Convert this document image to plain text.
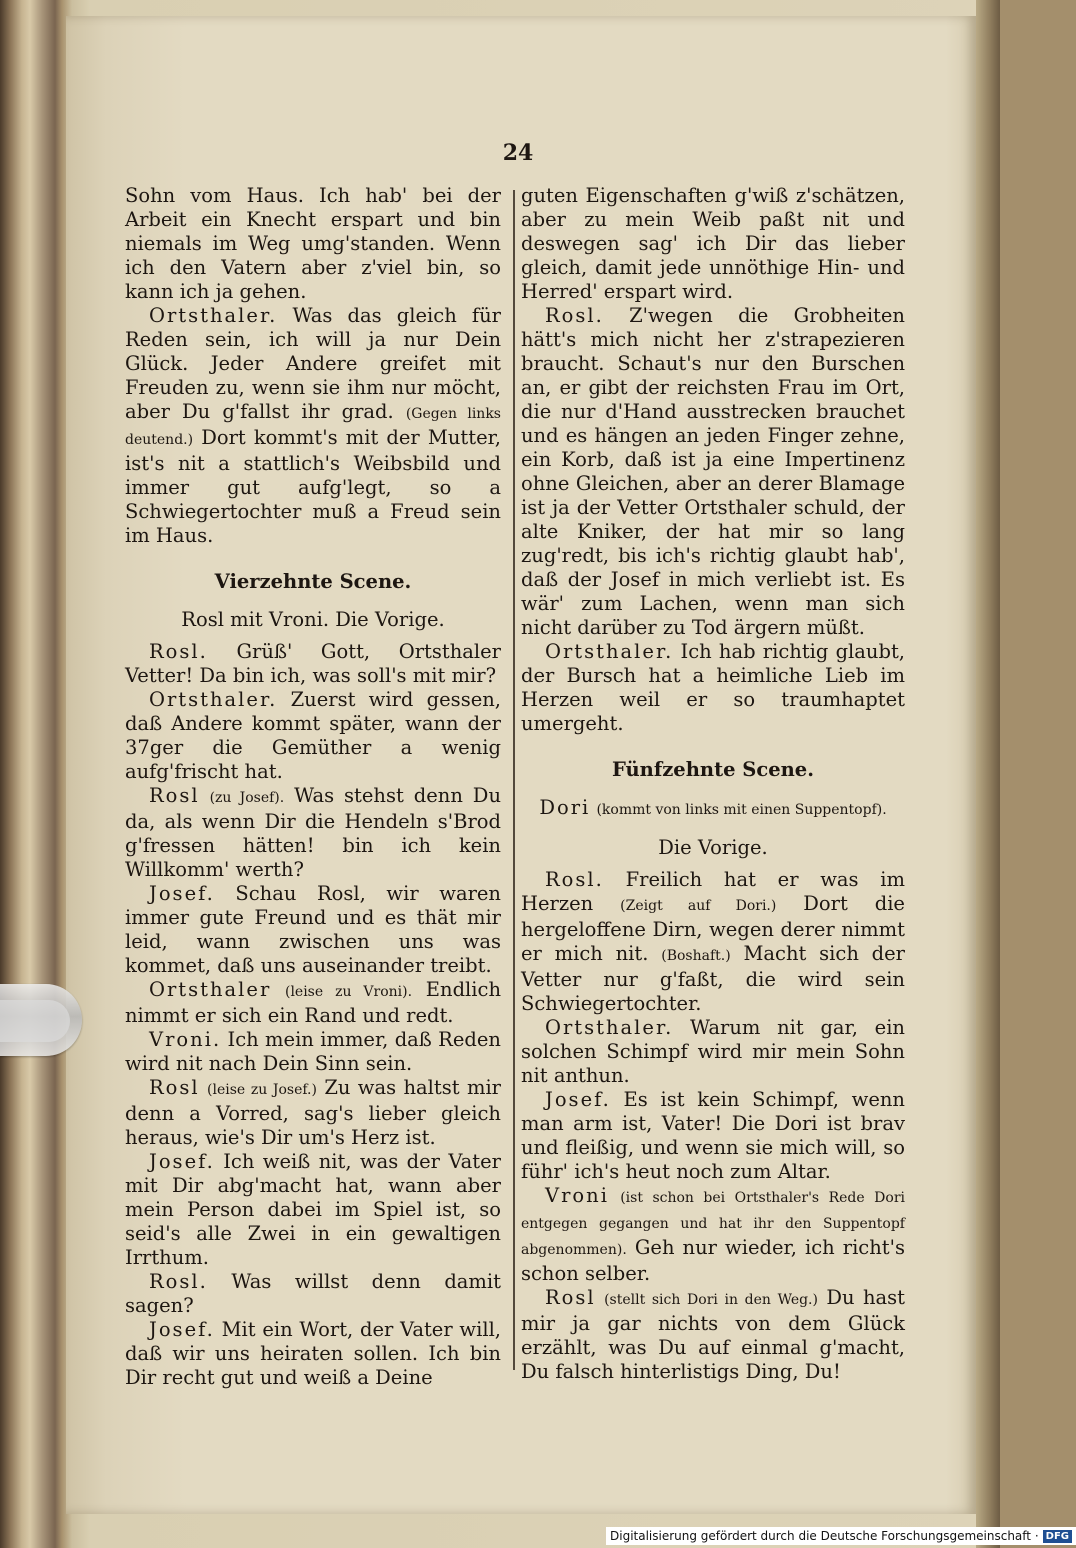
24

Sohn vom Haus. Ich hab' bei der Arbeit ein Knecht erspart und bin niemals im Weg umg'standen. Wenn ich den Vatern aber z'viel bin, so kann ich ja gehen.

Ortsthaler. Was das gleich für Reden sein, ich will ja nur Dein Glück. Jeder Andere greifet mit Freuden zu, wenn sie ihm nur möcht, aber Du g'fallst ihr grad. (Gegen links deutend.) Dort kommt's mit der Mutter, ist's nit a stattlich's Weibsbild und immer gut aufg'legt, so a Schwiegertochter muß a Freud sein im Haus.

Vierzehnte Scene.

Rosl mit Vroni. Die Vorige.

Rosl. Grüß' Gott, Ortsthaler Vetter! Da bin ich, was soll's mit mir?

Ortsthaler. Zuerst wird gessen, daß Andere kommt später, wann der 37ger die Gemüther a wenig aufg'frischt hat.

Rosl (zu Josef). Was stehst denn Du da, als wenn Dir die Hendeln s'Brod g'fressen hätten! bin ich kein Willkomm' werth?

Josef. Schau Rosl, wir waren immer gute Freund und es thät mir leid, wann zwischen uns was kommet, daß uns auseinander treibt.

Ortsthaler (leise zu Vroni). Endlich nimmt er sich ein Rand und redt.

Vroni. Ich mein immer, daß Reden wird nit nach Dein Sinn sein.

Rosl (leise zu Josef.) Zu was haltst mir denn a Vorred, sag's lieber gleich heraus, wie's Dir um's Herz ist.

Josef. Ich weiß nit, was der Vater mit Dir abg'macht hat, wann aber mein Person dabei im Spiel ist, so seid's alle Zwei in ein gewaltigen Irrthum.

Rosl. Was willst denn damit sagen?

Josef. Mit ein Wort, der Vater will, daß wir uns heiraten sollen. Ich bin Dir recht gut und weiß a Deine

guten Eigenschaften g'wiß z'schätzen, aber zu mein Weib paßt nit und deswegen sag' ich Dir das lieber gleich, damit jede unnöthige Hin- und Herred' erspart wird.

Rosl. Z'wegen die Grobheiten hätt's mich nicht her z'strapezieren braucht. Schaut's nur den Burschen an, er gibt der reichsten Frau im Ort, die nur d'Hand ausstrecken brauchet und es hängen an jeden Finger zehne, ein Korb, daß ist ja eine Impertinenz ohne Gleichen, aber an derer Blamage ist ja der Vetter Ortsthaler schuld, der alte Kniker, der hat mir so lang zug'redt, bis ich's richtig glaubt hab', daß der Josef in mich verliebt ist. Es wär' zum Lachen, wenn man sich nicht darüber zu Tod ärgern müßt.

Ortsthaler. Ich hab richtig glaubt, der Bursch hat a heimliche Lieb im Herzen weil er so traumhaptet umergeht.

Fünfzehnte Scene.

Dori (kommt von links mit einen Suppentopf).

Die Vorige.

Rosl. Freilich hat er was im Herzen (Zeigt auf Dori.) Dort die hergeloffene Dirn, wegen derer nimmt er mich nit. (Boshaft.) Macht sich der Vetter nur g'faßt, die wird sein Schwiegertochter.

Ortsthaler. Warum nit gar, ein solchen Schimpf wird mir mein Sohn nit anthun.

Josef. Es ist kein Schimpf, wenn man arm ist, Vater! Die Dori ist brav und fleißig, und wenn sie mich will, so führ' ich's heut noch zum Altar.

Vroni (ist schon bei Ortsthaler's Rede Dori entgegen gegangen und hat ihr den Suppentopf abgenommen). Geh nur wieder, ich richt's schon selber.

Rosl (stellt sich Dori in den Weg.) Du hast mir ja gar nichts von dem Glück erzählt, was Du auf einmal g'macht, Du falsch hinterlistigs Ding, Du!

Digitalisierung gefördert durch die Deutsche Forschungsgemeinschaft · DFG
